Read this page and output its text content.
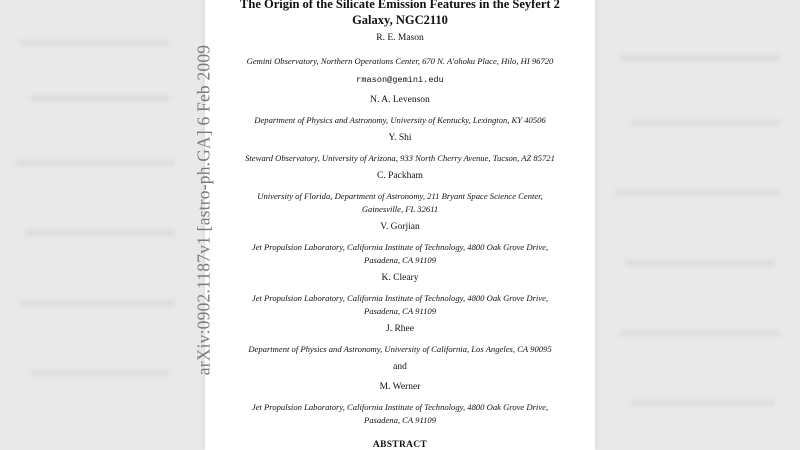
The Origin of the Silicate Emission Features in the Seyfert 2
Galaxy, NGC2110

R. E. Mason

Gemini Observatory, Northern Operations Center, 670 N. A'ohoku Place, Hilo, HI 96720

rmason@gemini.edu

N. A. Levenson

Department of Physics and Astronomy, University of Kentucky, Lexington, KY 40506

Y. Shi

Steward Observatory, University of Arizona, 933 North Cherry Avenue, Tucson, AZ 85721

C. Packham

University of Florida, Department of Astronomy, 211 Bryant Space Science Center,

Gainesville, FL 32611

V. Gorjian

Jet Propulsion Laboratory, California Institute of Technology, 4800 Oak Grove Drive,

Pasadena, CA 91109

K. Cleary

Jet Propulsion Laboratory, California Institute of Technology, 4800 Oak Grove Drive,

Pasadena, CA 91109

J. Rhee

Department of Physics and Astronomy, University of California, Los Angeles, CA 90095

and

M. Werner

Jet Propulsion Laboratory, California Institute of Technology, 4800 Oak Grove Drive,

Pasadena, CA 91109

ABSTRACT

arXiv:0902.1187v1 [astro-ph.GA] 6 Feb 2009
